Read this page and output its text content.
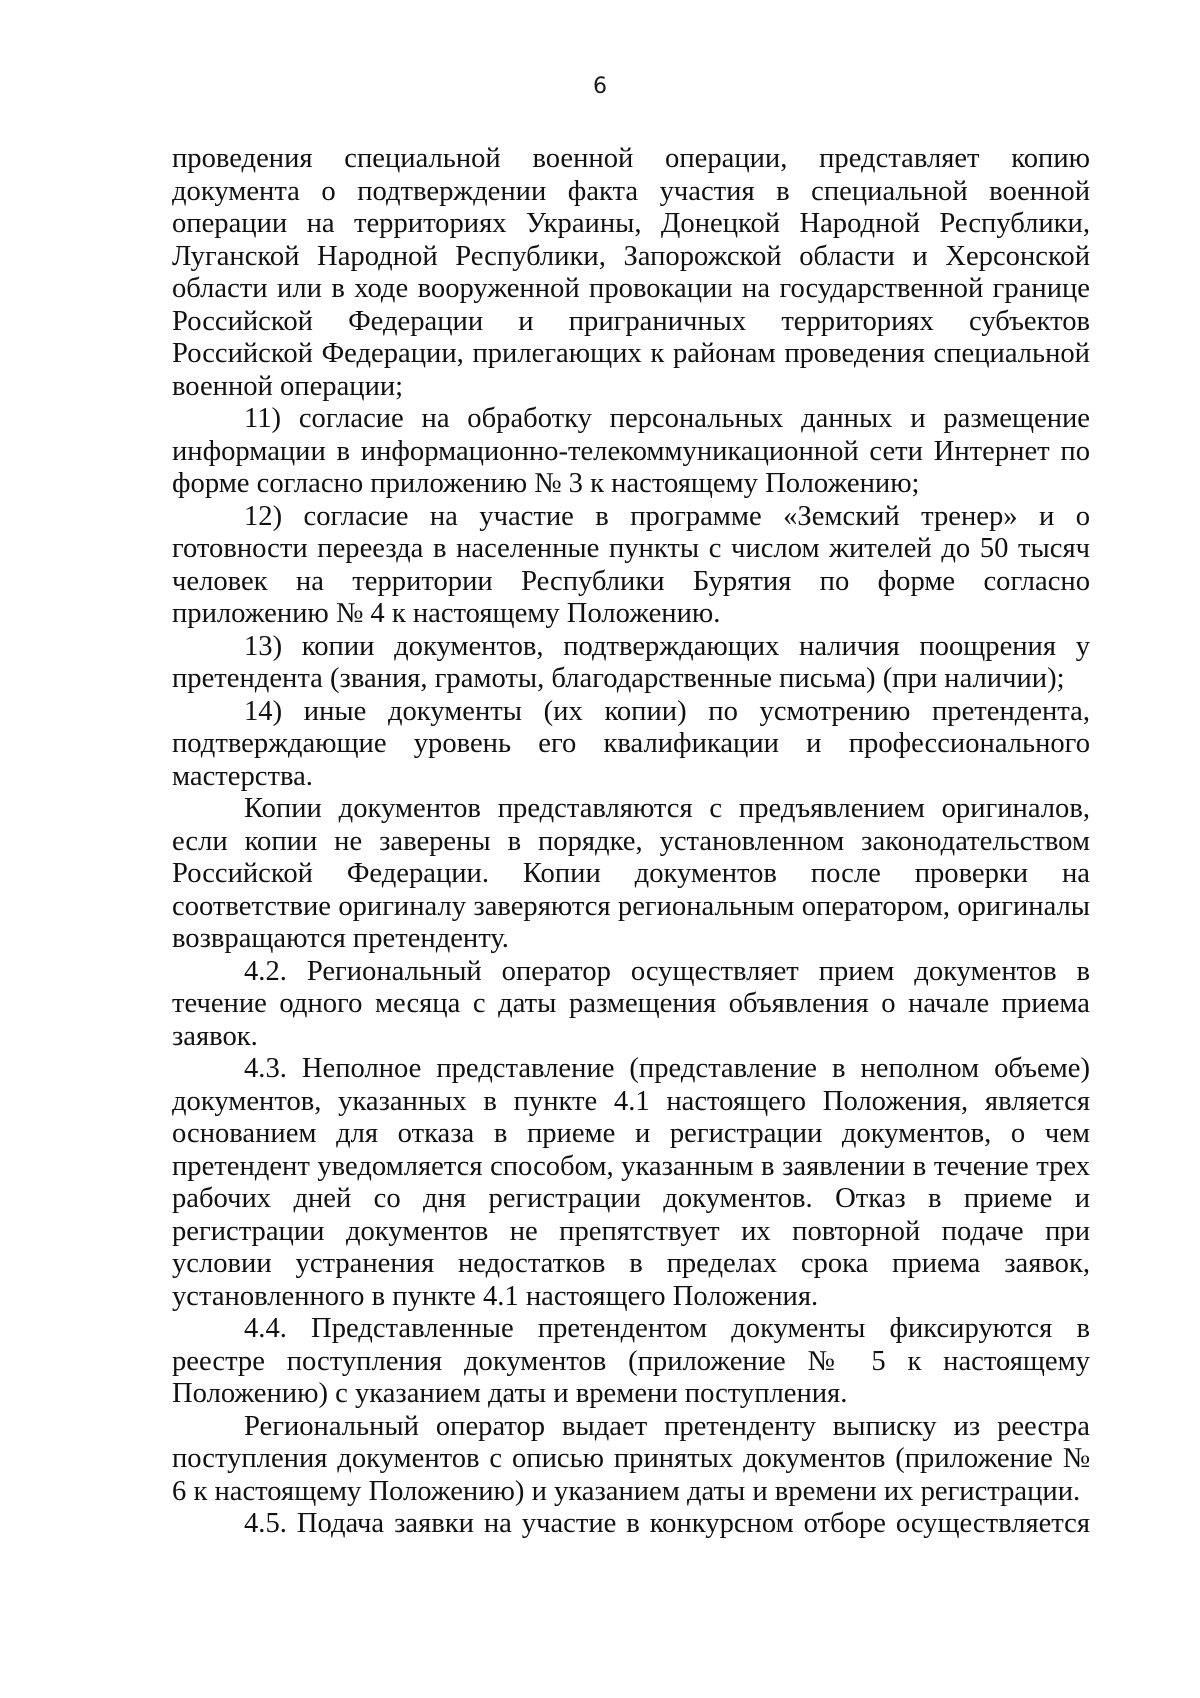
6

проведения специальной военной операции, представляет копию документа о подтверждении факта участия в специальной военной операции на территориях Украины, Донецкой Народной Республики, Луганской Народной Республики, Запорожской области и Херсонской области или в ходе вооруженной провокации на государственной границе Российской Федерации и приграничных территориях субъектов Российской Федерации, прилегающих к районам проведения специальной военной операции;

11) согласие на обработку персональных данных и размещение информации в информационно-телекоммуникационной сети Интернет по форме согласно приложению № 3 к настоящему Положению;

12) согласие на участие в программе «Земский тренер» и о готовности переезда в населенные пункты с числом жителей до 50 тысяч человек на территории Республики Бурятия по форме согласно приложению № 4 к настоящему Положению.

13) копии документов, подтверждающих наличия поощрения у претендента (звания, грамоты, благодарственные письма) (при наличии);

14) иные документы (их копии) по усмотрению претендента, подтверждающие уровень его квалификации и профессионального мастерства.

Копии документов представляются с предъявлением оригиналов, если копии не заверены в порядке, установленном законодательством Российской Федерации. Копии документов после проверки на соответствие оригиналу заверяются региональным оператором, оригиналы возвращаются претенденту.

4.2. Региональный оператор осуществляет прием документов в течение одного месяца с даты размещения объявления о начале приема заявок.

4.3. Неполное представление (представление в неполном объеме) документов, указанных в пункте 4.1 настоящего Положения, является основанием для отказа в приеме и регистрации документов, о чем претендент уведомляется способом, указанным в заявлении в течение трех рабочих дней со дня регистрации документов. Отказ в приеме и регистрации документов не препятствует их повторной подаче при условии устранения недостатков в пределах срока приема заявок, установленного в пункте 4.1 настоящего Положения.

4.4. Представленные претендентом документы фиксируются в реестре поступления документов (приложение № 5 к настоящему Положению) с указанием даты и времени поступления.

Региональный оператор выдает претенденту выписку из реестра поступления документов с описью принятых документов (приложение № 6 к настоящему Положению) и указанием даты и времени их регистрации.

4.5. Подача заявки на участие в конкурсном отборе осуществляется
